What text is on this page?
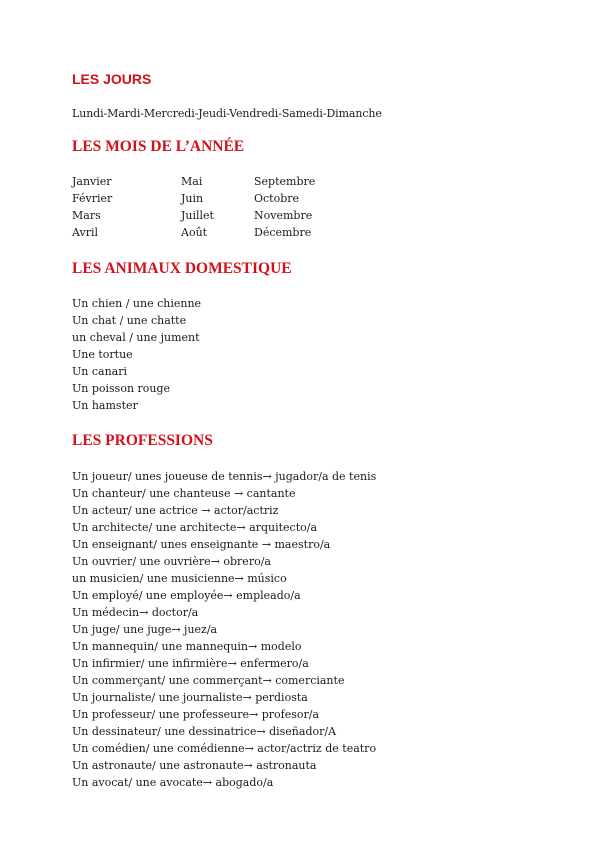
LES JOURS

Lundi-Mardi-Mercredi-Jeudi-Vendredi-Samedi-Dimanche

LES MOIS DE L’ANNÉE
Janvier	Mai	Septembre
Février	Juin	Octobre
Mars	Juillet	Novembre
Avril	Août	Décembre
LES ANIMAUX DOMESTIQUE
Un chien / une chienne
Un chat / une chatte
un cheval / une jument
Une tortue
Un canari
Un poisson rouge
Un hamster
LES PROFESSIONS
Un joueur/ unes joueuse de tennis→ jugador/a de tenis
Un chanteur/ une chanteuse → cantante
Un acteur/ une actrice → actor/actriz
Un architecte/ une architecte→ arquitecto/a
Un enseignant/ unes enseignante → maestro/a
Un ouvrier/ une ouvrière→ obrero/a
un musicien/ une musicienne→ músico
Un employé/ une employée→ empleado/a
Un médecin→ doctor/a
Un juge/ une juge→ juez/a
Un mannequin/ une mannequin→ modelo
Un infirmier/ une infirmière→ enfermero/a
Un commerçant/ une commerçant→ comerciante
Un journaliste/ une journaliste→ perdiosta
Un professeur/ une professeure→ profesor/a
Un dessinateur/ une dessinatrice→ diseñador/A
Un comédien/ une comédienne→ actor/actriz de teatro
Un astronaute/ une astronaute→ astronauta
Un avocat/ une avocate→ abogado/a
